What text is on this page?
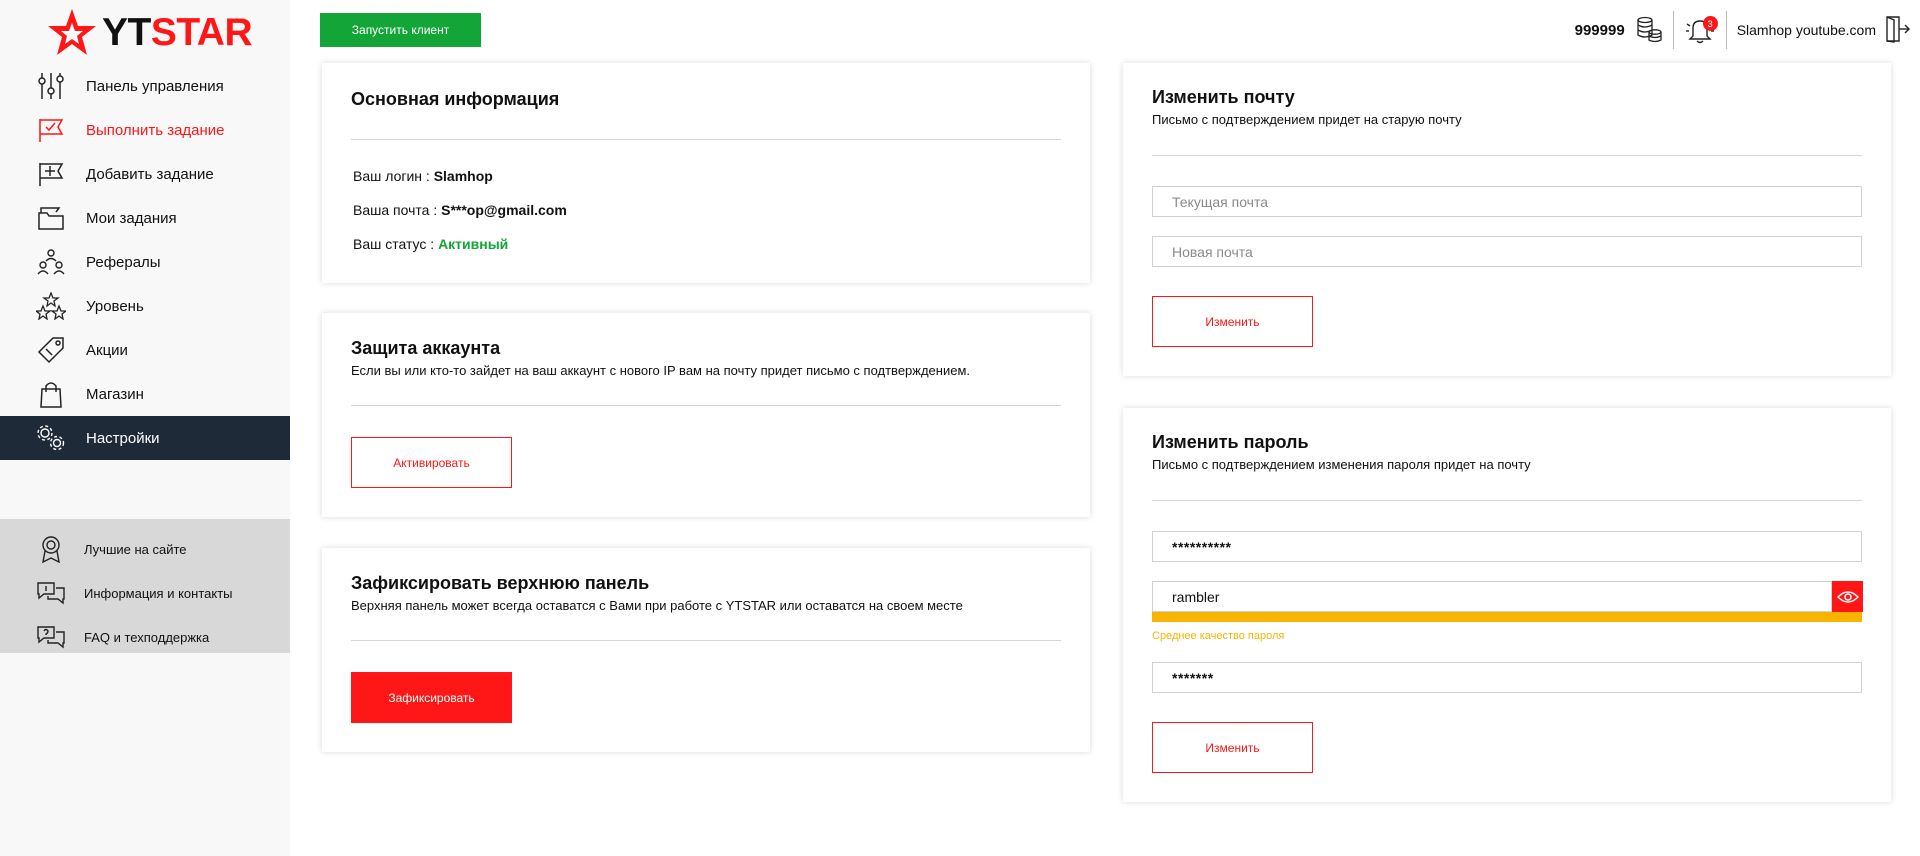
YTSTAR
Панель управления
Выполнить задание
Добавить задание
Мои задания
Рефералы
Уровень
Акции
Магазин
Настройки
Лучшие на сайте
Информация и контакты
FAQ и техподдержка
Запустить клиент	999999	3	Slamhop youtube.com
Основная информация
Ваш логин : Slamhop
Ваша почта : S***op@gmail.com
Ваш статус : Активный
Защита аккаунта
Если вы или кто-то зайдет на ваш аккаунт с нового IP вам на почту придет письмо с подтверждением.
Активировать
Зафиксировать верхнюю панель
Верхняя панель может всегда оставатся с Вами при работе с YTSTAR или оставатся на своем месте
Зафиксировать
Изменить почту
Письмо с подтверждением придет на старую почту
Текущая почта
Новая почта
Изменить
Изменить пароль
Письмо с подтверждением изменения пароля придет на почту
**********
rambler
Среднее качество пароля
*******
Изменить
